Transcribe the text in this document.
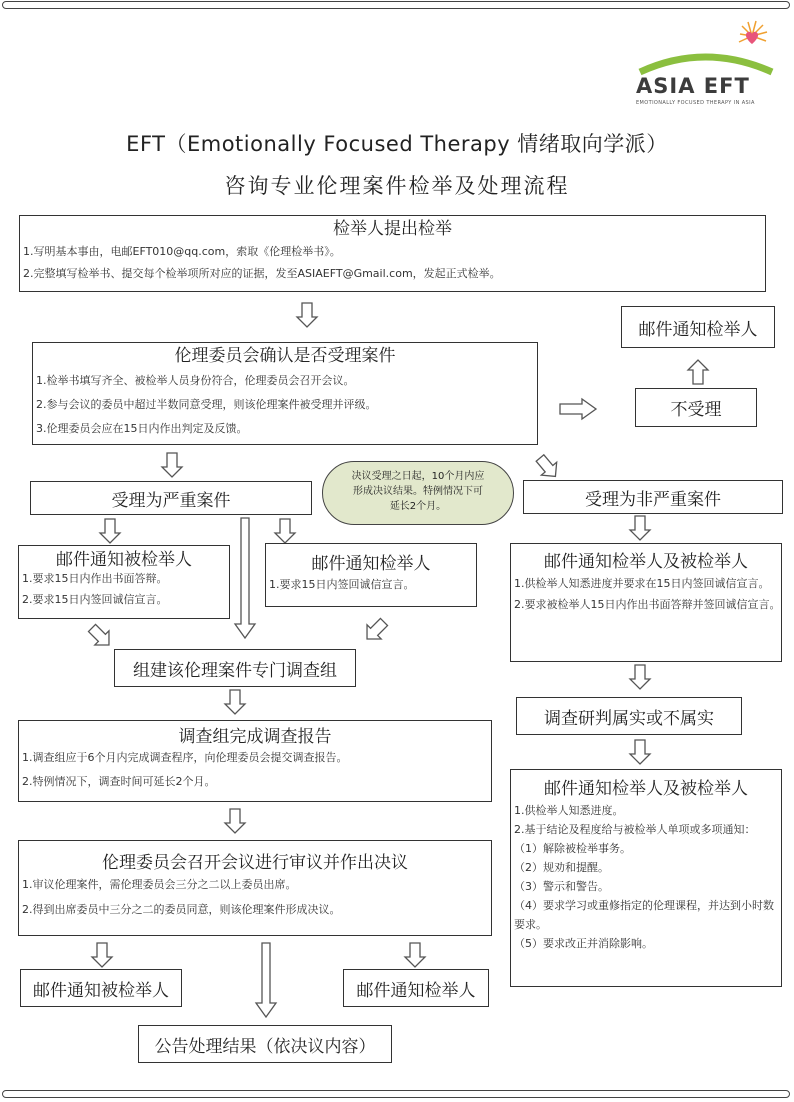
ASIA EFT
EMOTIONALLY FOCUSED THERAPY IN ASIA
EFT（Emotionally Focused Therapy 情绪取向学派）
咨询专业伦理案件检举及处理流程
检举人提出检举
1.写明基本事由，电邮EFT010@qq.com，索取《伦理检举书》。
2.完整填写检举书、提交每个检举项所对应的证据，发至ASIAEFT@Gmail.com，发起正式检举。
伦理委员会确认是否受理案件
1.检举书填写齐全、被检举人员身份符合，伦理委员会召开会议。
2.参与会议的委员中超过半数同意受理，则该伦理案件被受理并评级。
3.伦理委员会应在15日内作出判定及反馈。
邮件通知检举人
不受理
受理为严重案件
决议受理之日起，10个月内应
形成决议结果。特例情况下可
延长2个月。	受理为非严重案件
邮件通知被检举人
1.要求15日内作出书面答辩。
2.要求15日内签回诚信宣言。
邮件通知检举人
1.要求15日内签回诚信宣言。
邮件通知检举人及被检举人
1.供检举人知悉进度并要求在15日内签回诚信宣言。
2.要求被检举人15日内作出书面答辩并签回诚信宣言。
组建该伦理案件专门调查组
调查研判属实或不属实
调查组完成调查报告
1.调查组应于6个月内完成调查程序，向伦理委员会提交调查报告。
2.特例情况下，调查时间可延长2个月。	邮件通知检举人及被检举人
1.供检举人知悉进度。
2.基于结论及程度给与被检举人单项或多项通知：
（1）解除被检举事务。
（2）规劝和提醒。
（3）警示和警告。
（4）要求学习或重修指定的伦理课程，并达到小时数要求。
（5）要求改正并消除影响。
伦理委员会召开会议进行审议并作出决议
1.审议伦理案件，需伦理委员会三分之二以上委员出席。
2.得到出席委员中三分之二的委员同意，则该伦理案件形成决议。
邮件通知被检举人	邮件通知检举人
公告处理结果（依决议内容）
